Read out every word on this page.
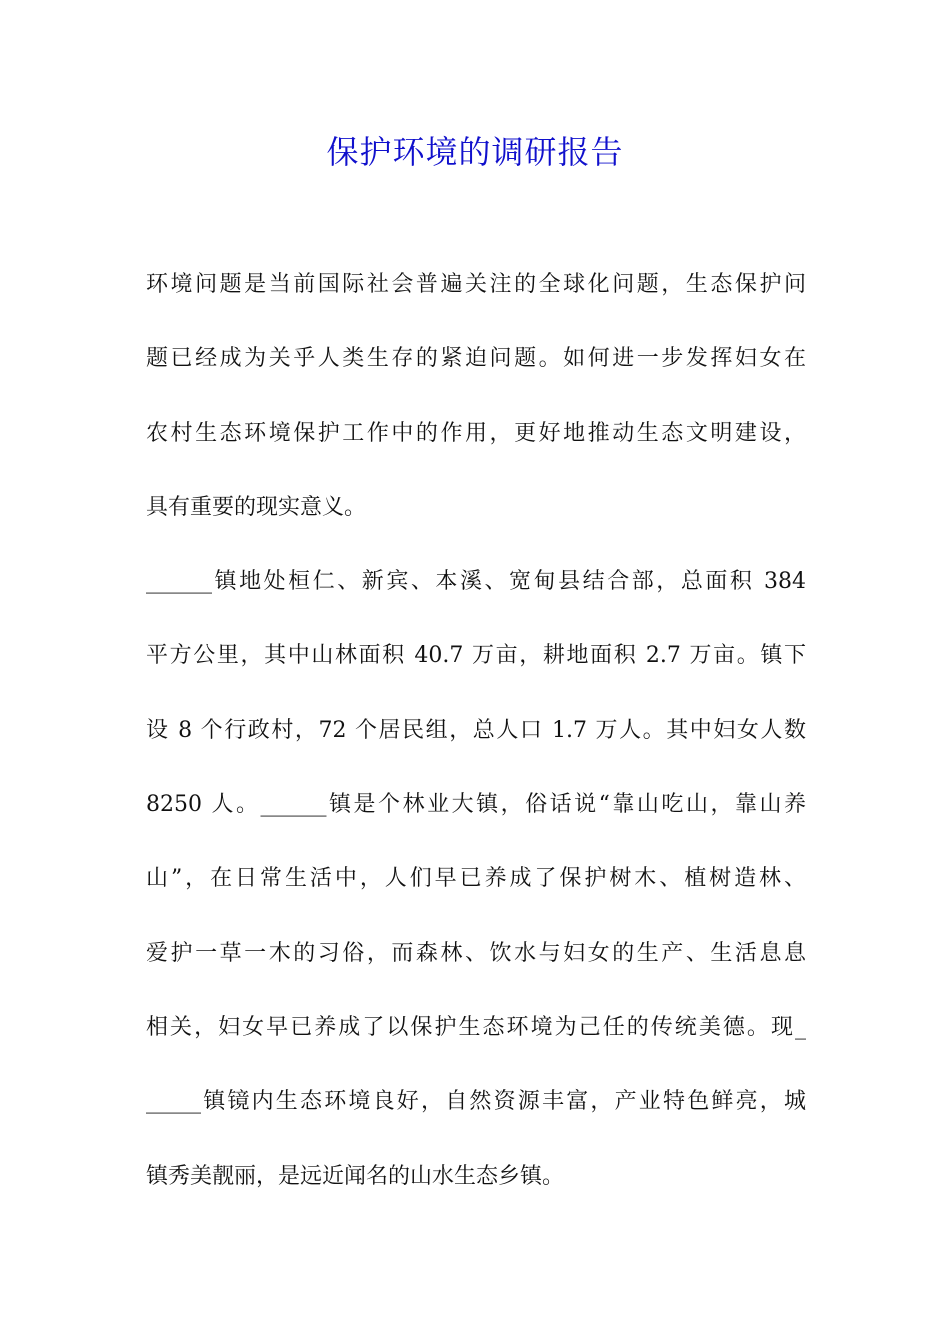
保护环境的调研报告
环境问题是当前国际社会普遍关注的全球化问题，生态保护问
题已经成为关乎人类生存的紧迫问题。如何进一步发挥妇女在
农村生态环境保护工作中的作用，更好地推动生态文明建设，
具有重要的现实意义。
______镇地处桓仁、新宾、本溪、宽甸县结合部，总面积 384
平方公里，其中山林面积 40.7 万亩，耕地面积 2.7 万亩。镇下
设 8 个行政村，72 个居民组，总人口 1.7 万人。其中妇女人数
8250 人。______镇是个林业大镇，俗话说“靠山吃山，靠山养
山”，在日常生活中，人们早已养成了保护树木、植树造林、
爱护一草一木的习俗，而森林、饮水与妇女的生产、生活息息
相关，妇女早已养成了以保护生态环境为己任的传统美德。现_
_____镇镜内生态环境良好，自然资源丰富，产业特色鲜亮，城
镇秀美靓丽，是远近闻名的山水生态乡镇。
